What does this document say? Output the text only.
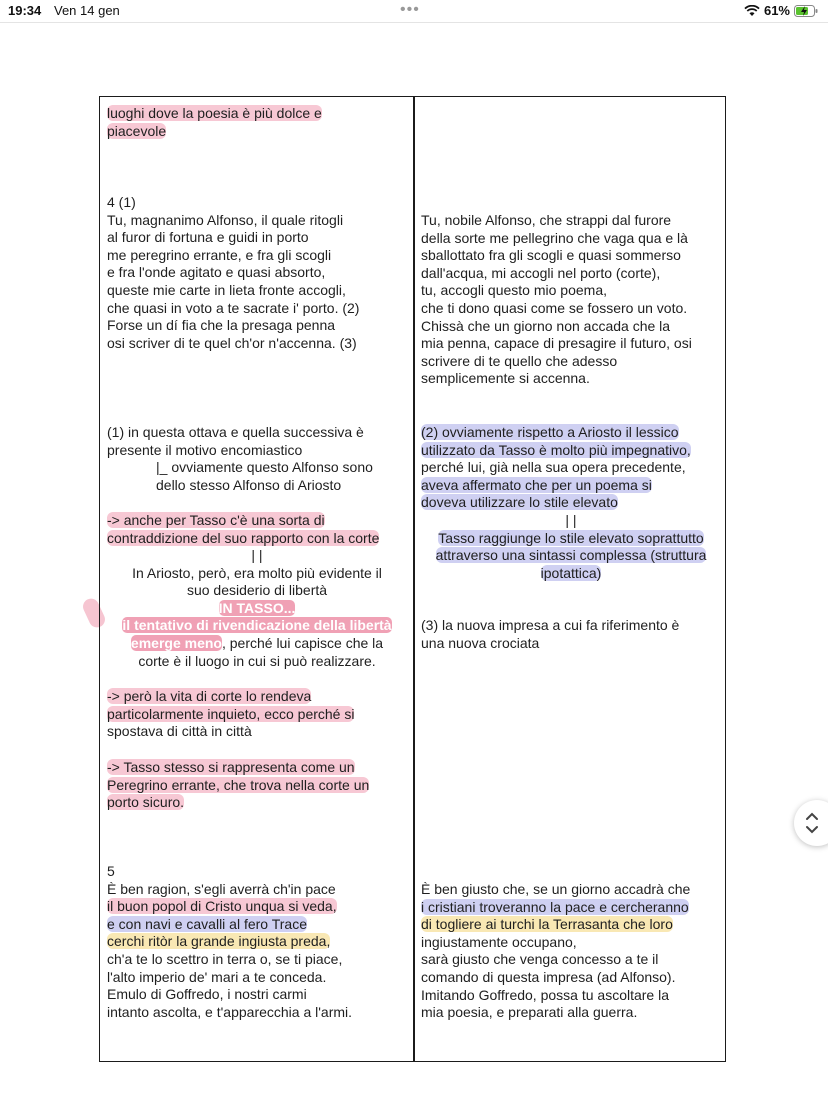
19:34 Ven 14 gen	•••	61%
luoghi dove la poesia è più dolce e
piacevole
4 (1)
Tu, magnanimo Alfonso, il quale ritogli
al furor di fortuna e guidi in porto
me peregrino errante, e fra gli scogli
e fra l'onde agitato e quasi absorto,
queste mie carte in lieta fronte accogli,
che quasi in voto a te sacrate i' porto. (2)
Forse un dí fia che la presaga penna
osi scriver di te quel ch'or n'accenna. (3)
Tu, nobile Alfonso, che strappi dal furore
della sorte me pellegrino che vaga qua e là
sballottato fra gli scogli e quasi sommerso
dall'acqua, mi accogli nel porto (corte),
tu, accogli questo mio poema,
che ti dono quasi come se fossero un voto.
Chissà che un giorno non accada che la
mia penna, capace di presagire il futuro, osi
scrivere di te quello che adesso
semplicemente si accenna.
(1) in questa ottava e quella successiva è
presente il motivo encomiastico
|_ ovviamente questo Alfonso sono
dello stesso Alfonso di Ariosto
-> anche per Tasso c'è una sorta di
contraddizione del suo rapporto con la corte
| |
In Ariosto, però, era molto più evidente il
suo desiderio di libertà
IN TASSO...
il tentativo di rivendicazione della libertà
emerge meno, perché lui capisce che la
corte è il luogo in cui si può realizzare.
-> però la vita di corte lo rendeva
particolarmente inquieto, ecco perché si
spostava di città in città
-> Tasso stesso si rappresenta come un
Peregrino errante, che trova nella corte un
porto sicuro.
(2) ovviamente rispetto a Ariosto il lessico
utilizzato da Tasso è molto più impegnativo,
perché lui, già nella sua opera precedente,
aveva affermato che per un poema si
doveva utilizzare lo stile elevato
| |
Tasso raggiunge lo stile elevato soprattutto
attraverso una sintassi complessa (struttura
ipotattica)
(3) la nuova impresa a cui fa riferimento è
una nuova crociata
5
È ben ragion, s'egli averrà ch'in pace
il buon popol di Cristo unqua si veda,
e con navi e cavalli al fero Trace
cerchi ritòr la grande ingiusta preda,
ch'a te lo scettro in terra o, se ti piace,
l'alto imperio de' mari a te conceda.
Emulo di Goffredo, i nostri carmi
intanto ascolta, e t'apparecchia a l'armi.
È ben giusto che, se un giorno accadrà che
i cristiani troveranno la pace e cercheranno
di togliere ai turchi la Terrasanta che loro
ingiustamente occupano,
sarà giusto che venga concesso a te il
comando di questa impresa (ad Alfonso).
Imitando Goffredo, possa tu ascoltare la
mia poesia, e preparati alla guerra.
